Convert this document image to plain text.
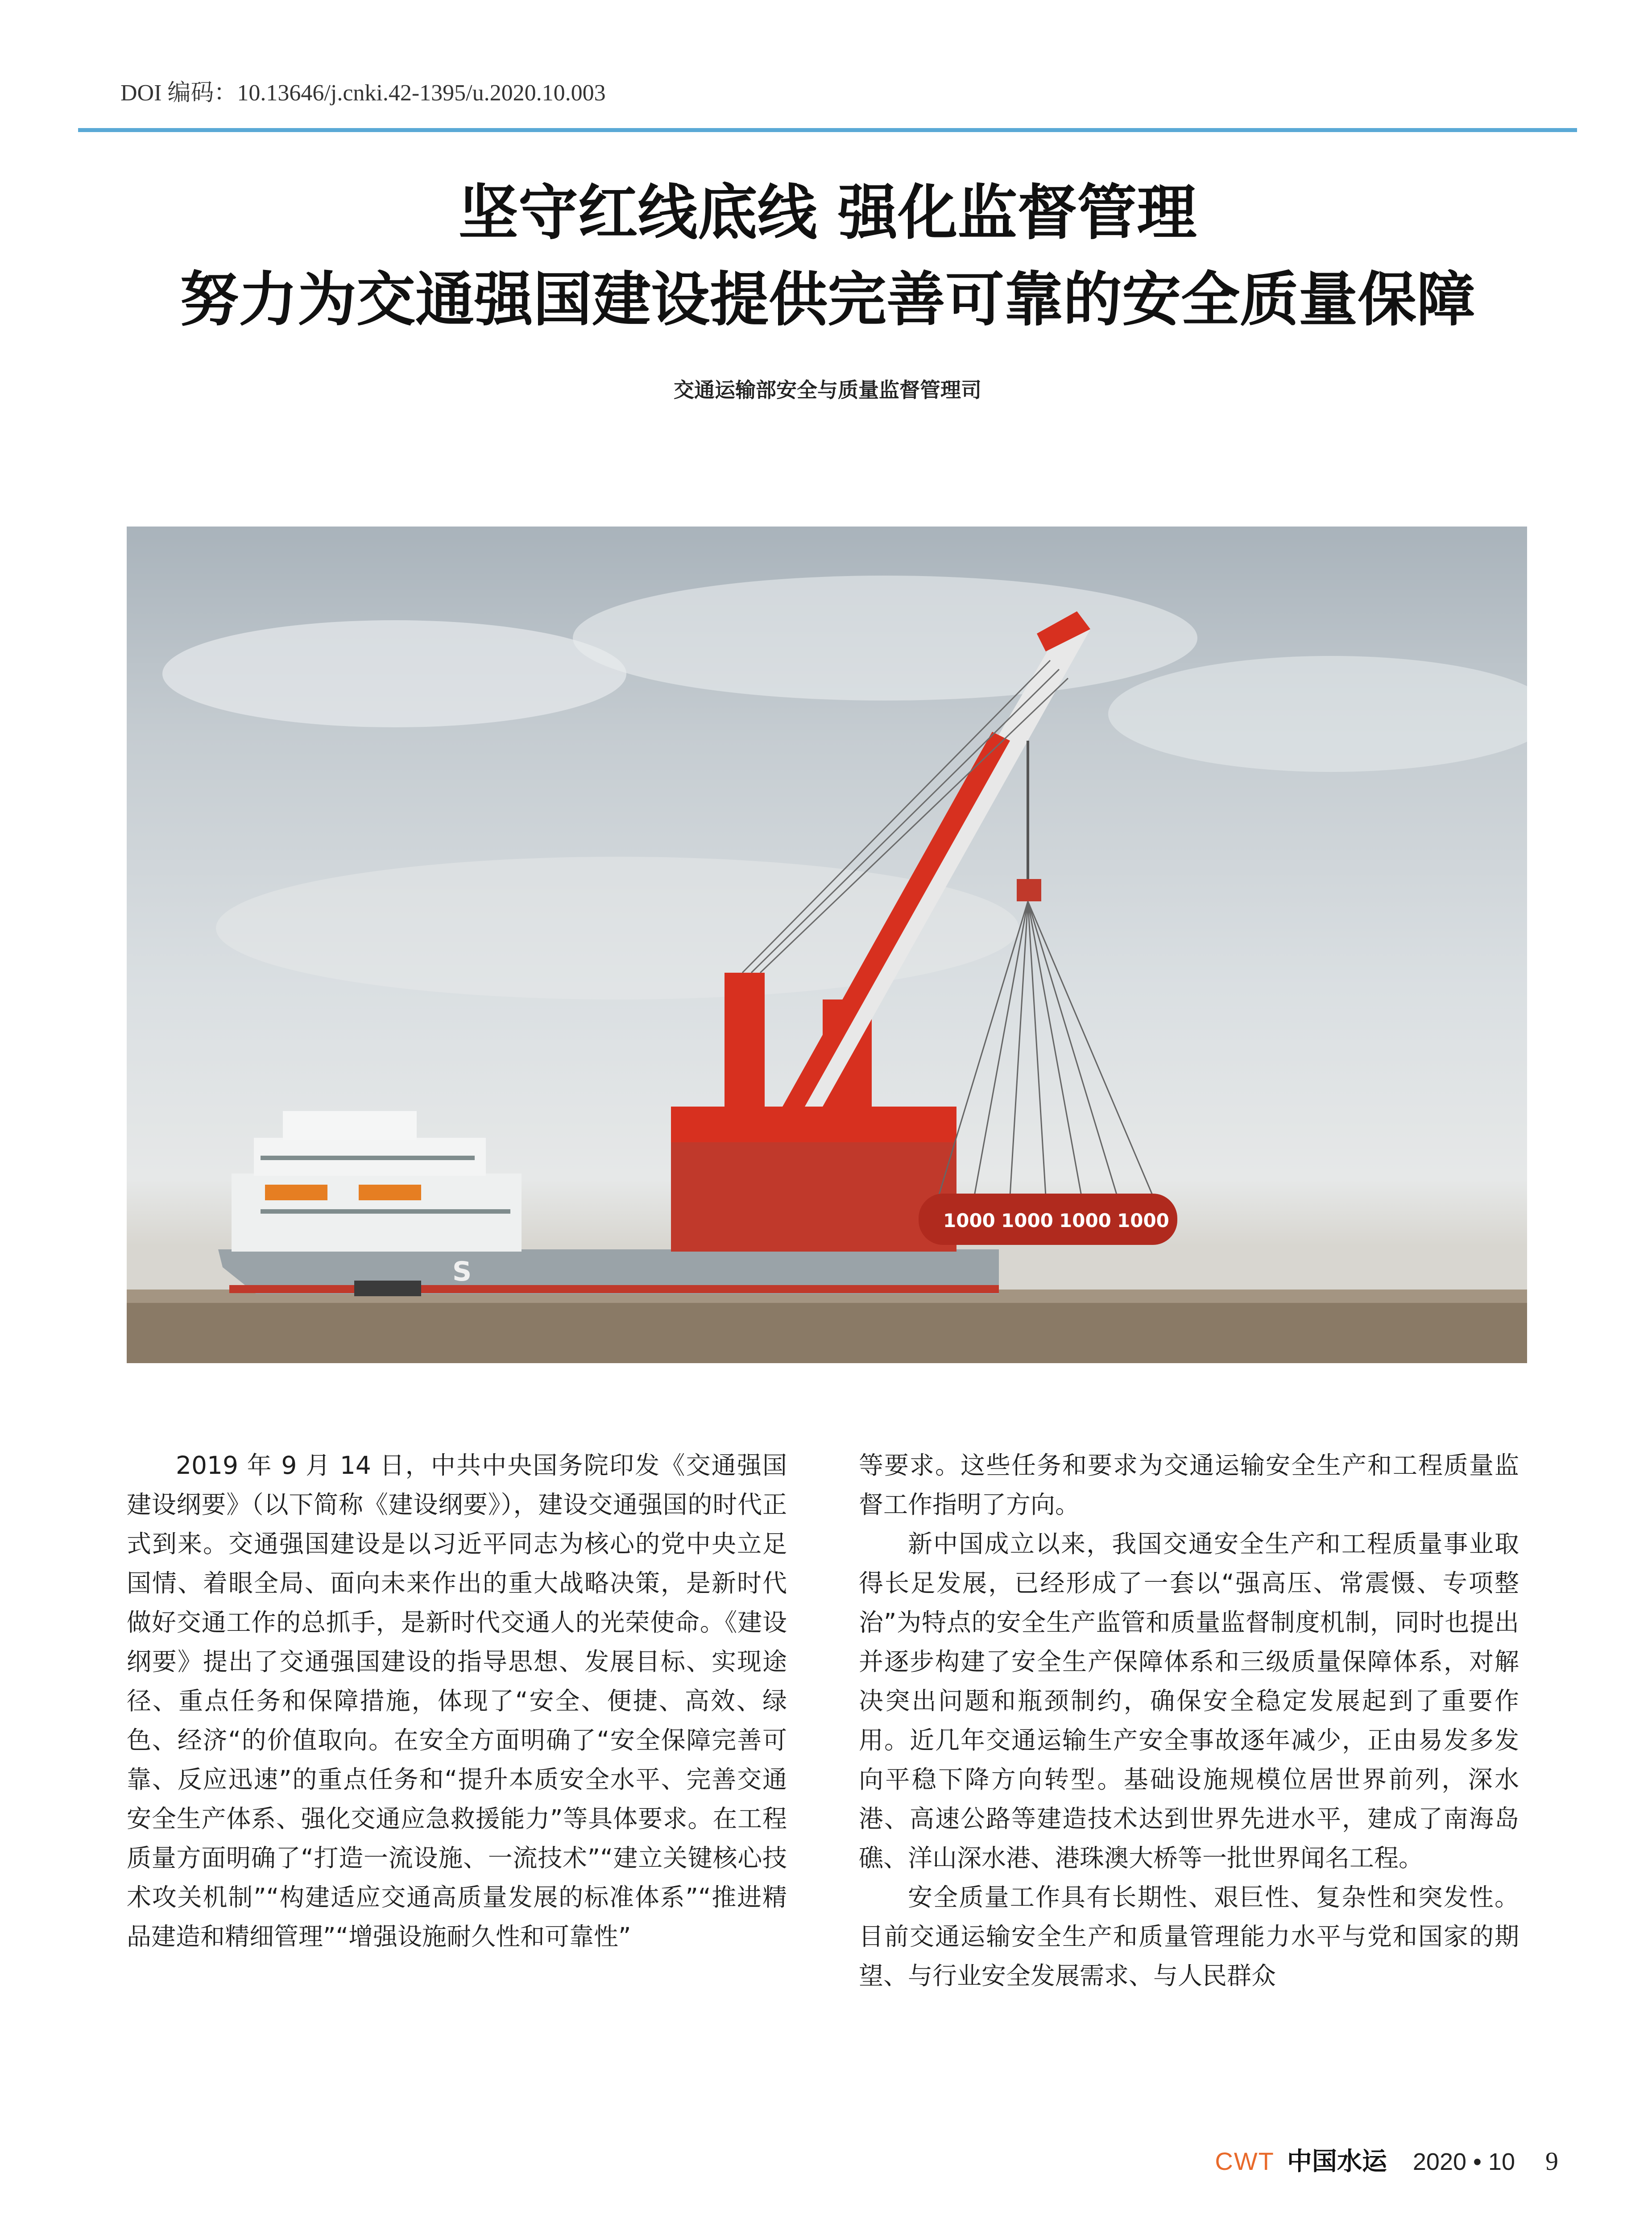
DOI 编码：10.13646/j.cnki.42-1395/u.2020.10.003
坚守红线底线 强化监督管理
努力为交通强国建设提供完善可靠的安全质量保障
交通运输部安全与质量监督管理司
S
1000 1000 1000 1000

2019 年 9 月 14 日，中共中央国务院印发《交通强国建设纲要》（以下简称《建设纲要》），建设交通强国的时代正式到来。交通强国建设是以习近平同志为核心的党中央立足国情、着眼全局、面向未来作出的重大战略决策，是新时代做好交通工作的总抓手，是新时代交通人的光荣使命。《建设纲要》提出了交通强国建设的指导思想、发展目标、实现途径、重点任务和保障措施，体现了“安全、便捷、高效、绿色、经济“的价值取向。在安全方面明确了“安全保障完善可靠、反应迅速”的重点任务和“提升本质安全水平、完善交通安全生产体系、强化交通应急救援能力”等具体要求。在工程质量方面明确了“打造一流设施、一流技术”“建立关键核心技术攻关机制”“构建适应交通高质量发展的标准体系”“推进精品建造和精细管理”“增强设施耐久性和可靠性”

等要求。这些任务和要求为交通运输安全生产和工程质量监督工作指明了方向。

新中国成立以来，我国交通安全生产和工程质量事业取得长足发展，已经形成了一套以“强高压、常震慑、专项整治”为特点的安全生产监管和质量监督制度机制，同时也提出并逐步构建了安全生产保障体系和三级质量保障体系，对解决突出问题和瓶颈制约，确保安全稳定发展起到了重要作用。近几年交通运输生产安全事故逐年减少，正由易发多发向平稳下降方向转型。基础设施规模位居世界前列，深水港、高速公路等建造技术达到世界先进水平，建成了南海岛礁、洋山深水港、港珠澳大桥等一批世界闻名工程。

安全质量工作具有长期性、艰巨性、复杂性和突发性。目前交通运输安全生产和质量管理能力水平与党和国家的期望、与行业安全发展需求、与人民群众

CWT 中国水运 2020 • 10 9
